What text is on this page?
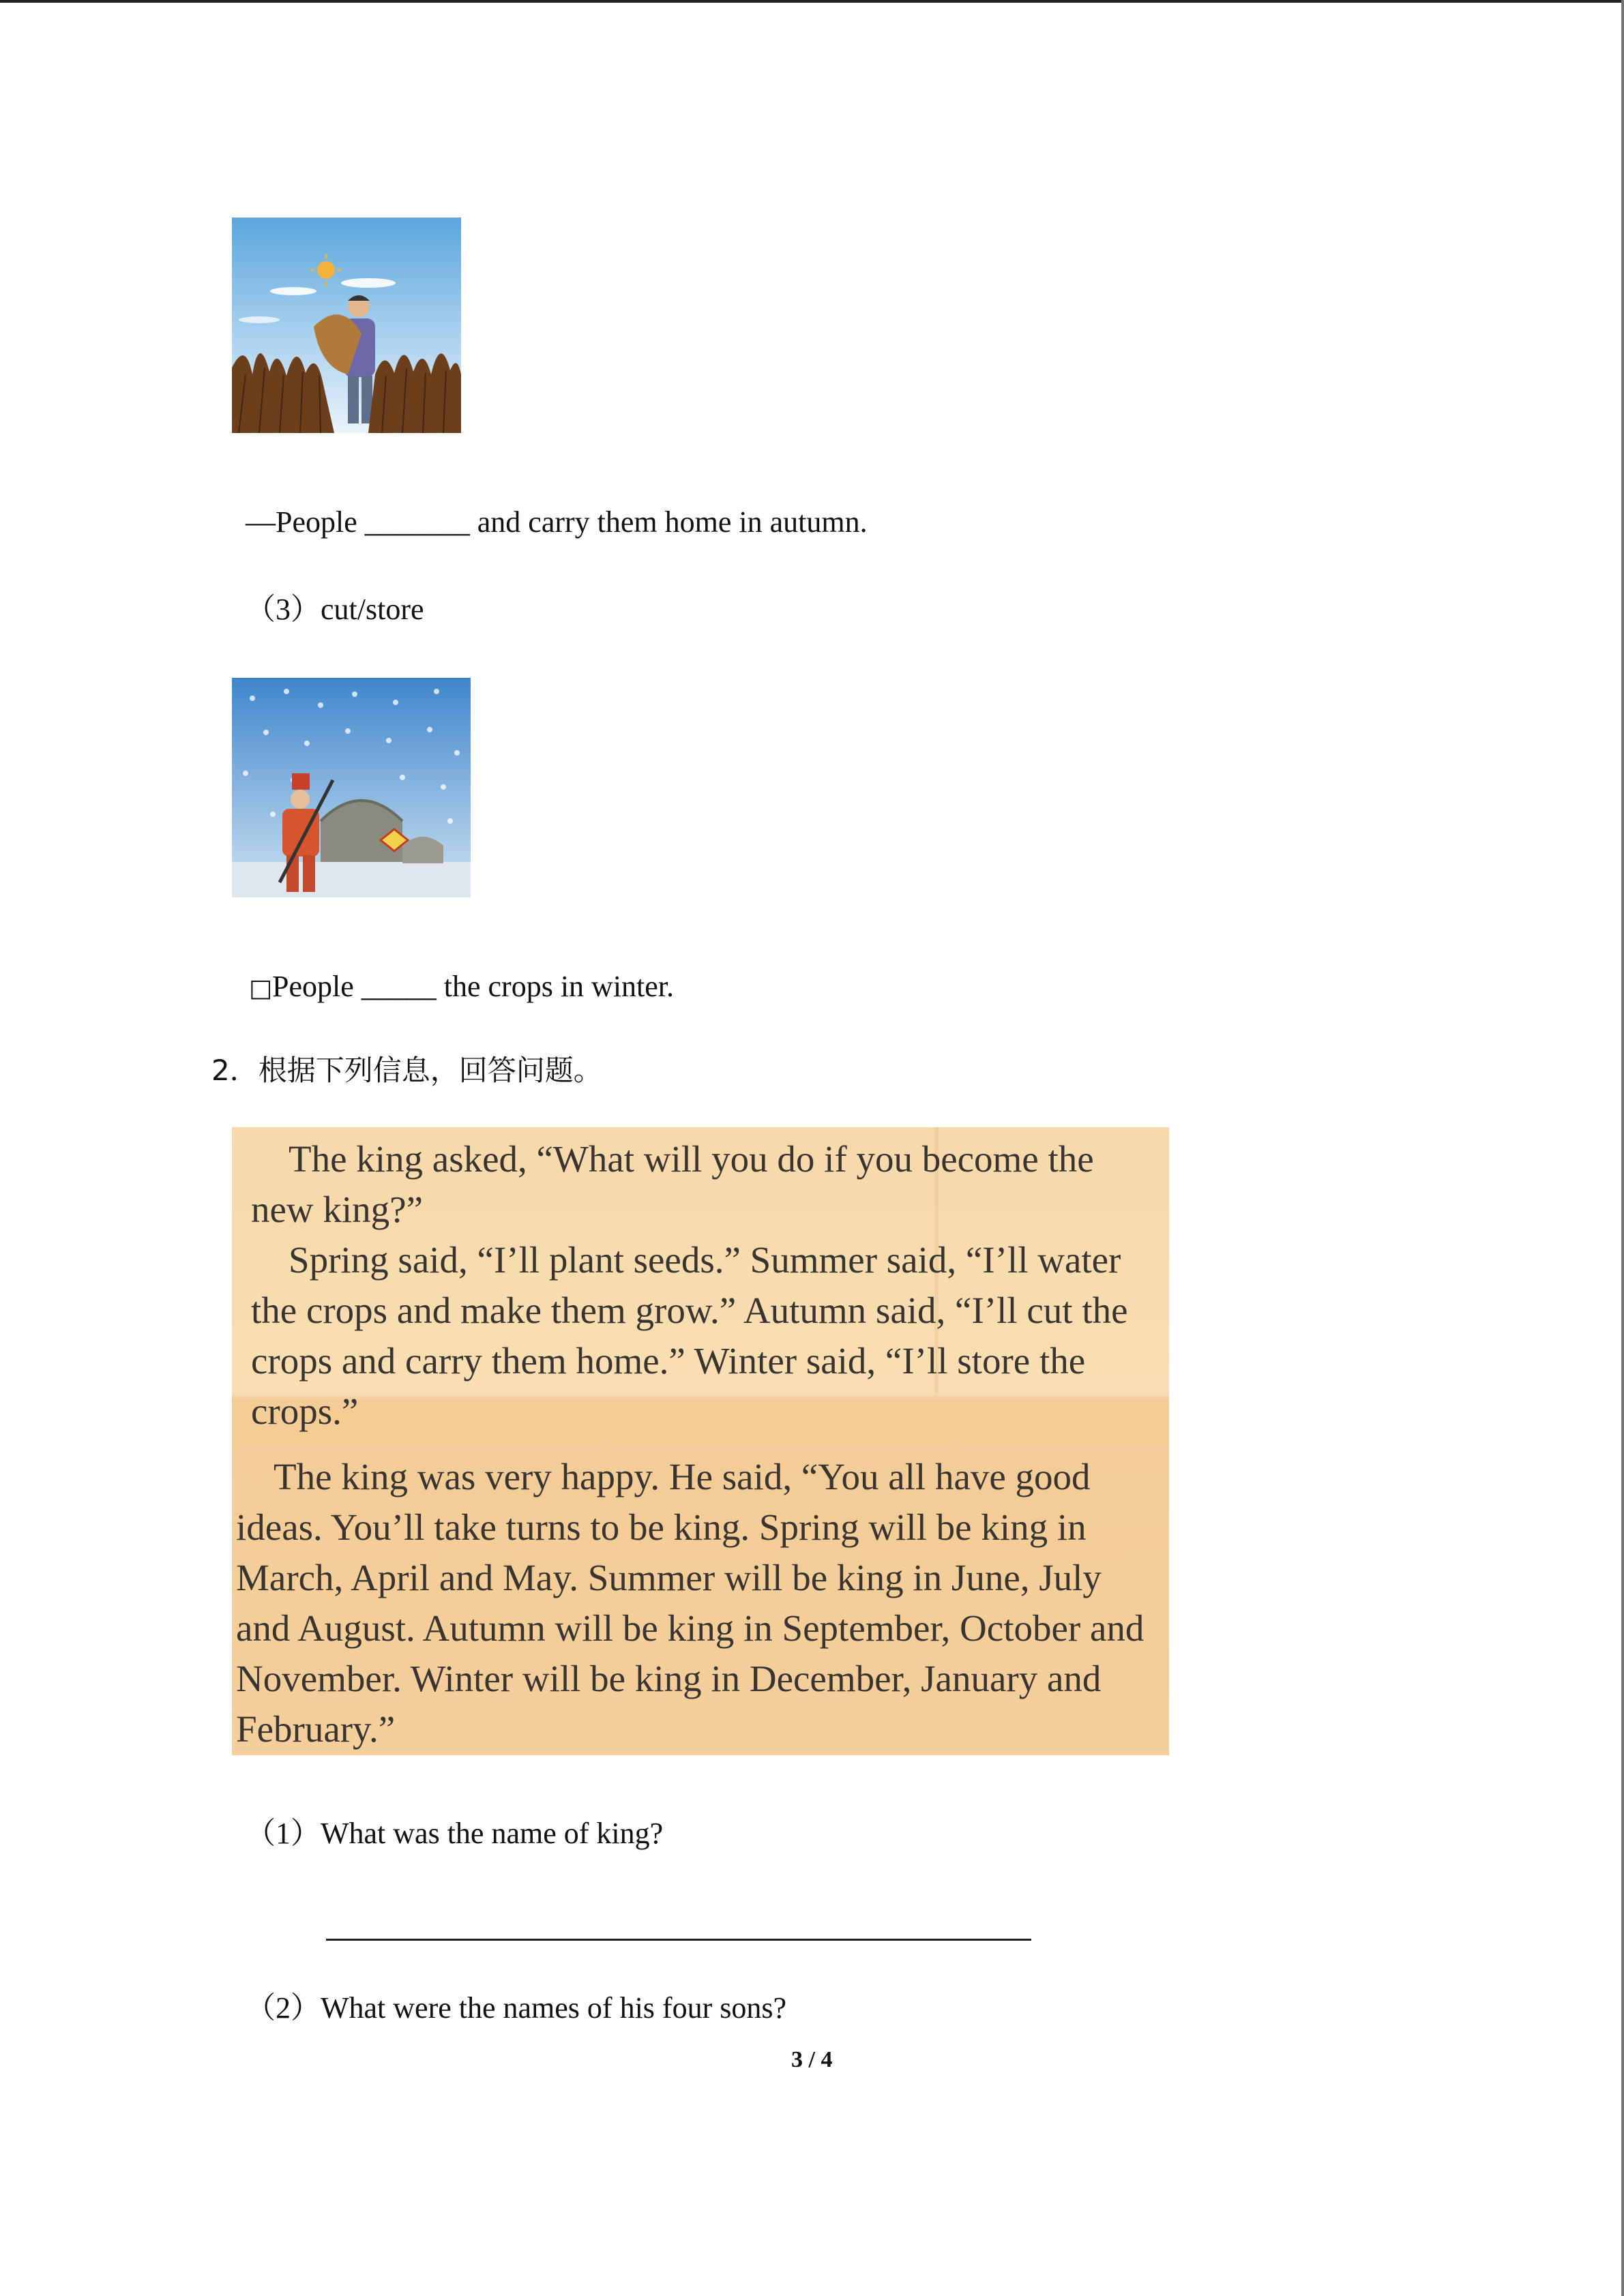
—People _______ and carry them home in autumn.
（3）cut/store
□People _____ the crops in winter.
2．根据下列信息，回答问题。

The king asked, “What will you do if you become the new king?”

Spring said, “I’ll plant seeds.” Summer said, “I’ll water the crops and make them grow.” Autumn said, “I’ll cut the crops and carry them home.” Winter said, “I’ll store the crops.”

The king was very happy. He said, “You all have good ideas. You’ll take turns to be king. Spring will be king in March, April and May. Summer will be king in June, July and August. Autumn will be king in September, October and November. Winter will be king in December, January and February.”

（1）What was the name of king?
（2）What were the names of his four sons?
3 / 4
